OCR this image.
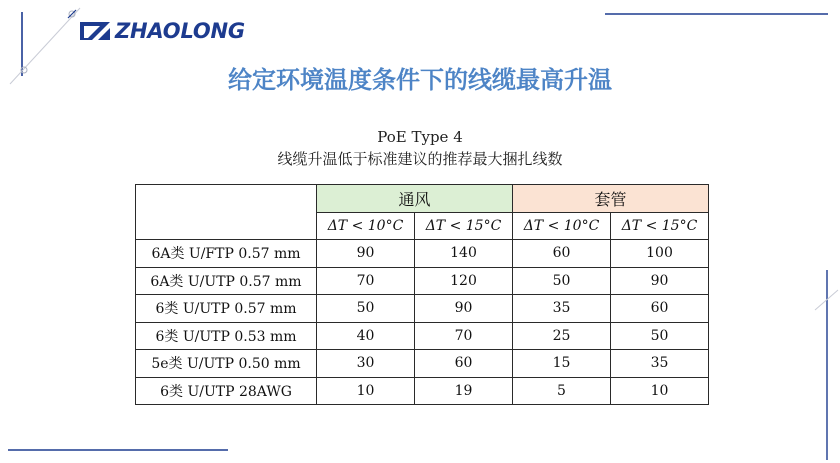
ZHAOLONG
给定环境温度条件下的线缆最高升温
PoE Type 4
线缆升温低于标准建议的推荐最大捆扎线数
	通风		套管	
	ΔT < 10°C	ΔT < 15°C	ΔT < 10°C	ΔT < 15°C
6A类 U/FTP 0.57 mm	90	140	60	100
6A类 U/UTP 0.57 mm	70	120	50	90
6类 U/UTP 0.57 mm	50	90	35	60
6类 U/UTP 0.53 mm	40	70	25	50
5e类 U/UTP 0.50 mm	30	60	15	35
6类 U/UTP 28AWG	10	19	5	10
